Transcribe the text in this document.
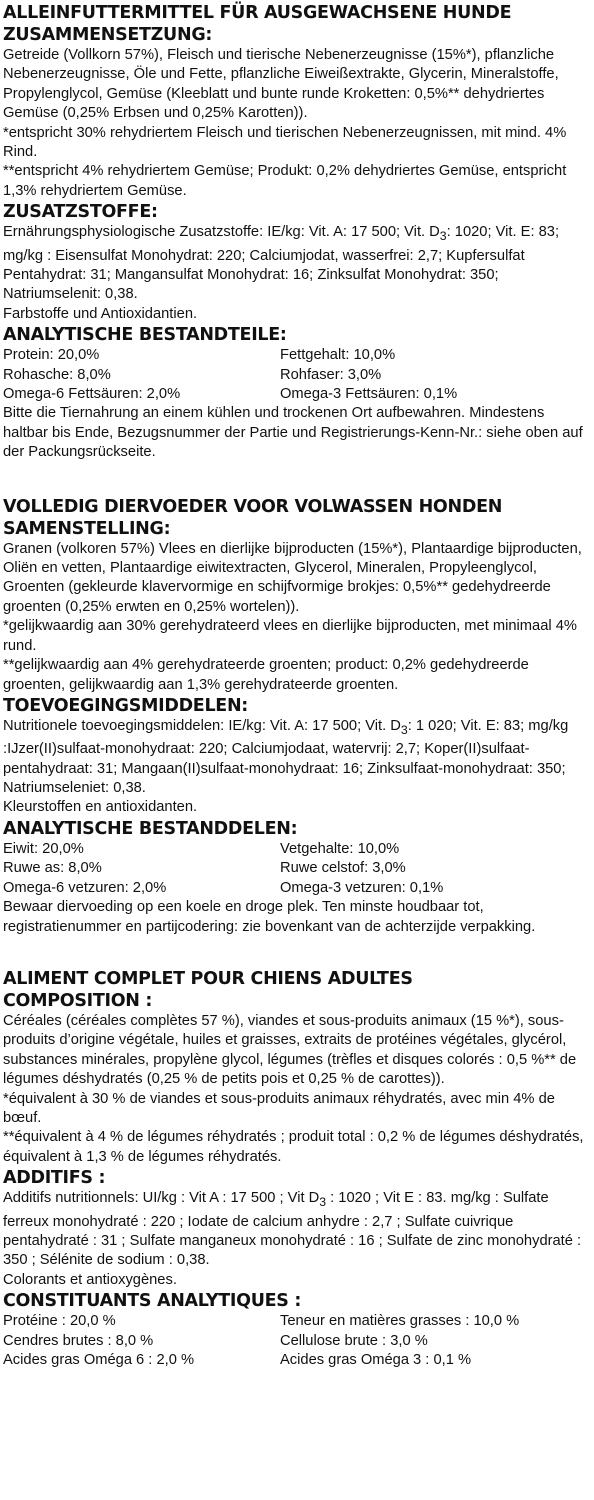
ALLEINFUTTERMITTEL FÜR AUSGEWACHSENE HUNDE
ZUSAMMENSETZUNG:

Getreide (Vollkorn 57%), Fleisch und tierische Nebenerzeugnisse (15%*), pflanzliche Nebenerzeugnisse, Öle und Fette, pflanzliche Eiweißextrakte, Glycerin, Mineralstoffe, Propylenglycol, Gemüse (Kleeblatt und bunte runde Kroketten: 0,5%** dehydriertes Gemüse (0,25% Erbsen und 0,25% Karotten)).

*entspricht 30% rehydriertem Fleisch und tierischen Nebenerzeugnissen, mit mind. 4% Rind.

**entspricht 4% rehydriertem Gemüse; Produkt: 0,2% dehydriertes Gemüse, entspricht 1,3% rehydriertem Gemüse.

ZUSATZSTOFFE:

Ernährungsphysiologische Zusatzstoffe: IE/kg: Vit. A: 17 500; Vit. $D_3$: 1020; Vit. E: 83; mg/kg : Eisensulfat Monohydrat: 220; Calciumjodat, wasserfrei: 2,7; Kupfersulfat Pentahydrat: 31; Mangansulfat Monohydrat: 16; Zinksulfat Monohydrat: 350; Natriumselenit: 0,38.

Farbstoffe und Antioxidantien.

ANALYTISCHE BESTANDTEILE:
Protein: 20,0%	Fettgehalt: 10,0%
Rohasche: 8,0%	Rohfaser: 3,0%
Omega-6 Fettsäuren: 2,0%	Omega-3 Fettsäuren: 0,1%

Bitte die Tiernahrung an einem kühlen und trockenen Ort aufbewahren. Mindestens haltbar bis Ende, Bezugsnummer der Partie und Registrierungs-Kenn-Nr.: siehe oben auf der Packungsrückseite.

VOLLEDIG DIERVOEDER VOOR VOLWASSEN HONDEN
SAMENSTELLING:

Granen (volkoren 57%) Vlees en dierlijke bijproducten (15%*), Plantaardige bijproducten, Oliën en vetten, Plantaardige eiwitextracten, Glycerol, Mineralen, Propyleenglycol, Groenten (gekleurde klavervormige en schijfvormige brokjes: 0,5%** gedehydreerde groenten (0,25% erwten en 0,25% wortelen)).

*gelijkwaardig aan 30% gerehydrateerd vlees en dierlijke bijproducten, met minimaal 4% rund.

**gelijkwaardig aan 4% gerehydrateerde groenten; product: 0,2% gedehydreerde groenten, gelijkwaardig aan 1,3% gerehydrateerde groenten.

TOEVOEGINGSMIDDELEN:

Nutritionele toevoegingsmiddelen: IE/kg: Vit. A: 17 500; Vit. $D_3$: 1 020; Vit. E: 83; mg/kg :IJzer(II)sulfaat-monohydraat: 220; Calciumjodaat, watervrij: 2,7; Koper(II)sulfaat-pentahydraat: 31; Mangaan(II)sulfaat-monohydraat: 16; Zinksulfaat-monohydraat: 350; Natriumseleniet: 0,38.

Kleurstoffen en antioxidanten.

ANALYTISCHE BESTANDDELEN:
Eiwit: 20,0%	Vetgehalte: 10,0%
Ruwe as: 8,0%	Ruwe celstof: 3,0%
Omega-6 vetzuren: 2,0%	Omega-3 vetzuren: 0,1%

Bewaar diervoeding op een koele en droge plek. Ten minste houdbaar tot, registratienummer en partijcodering: zie bovenkant van de achterzijde verpakking.

ALIMENT COMPLET POUR CHIENS ADULTES
COMPOSITION :

Céréales (céréales complètes 57 %), viandes et sous-produits animaux (15 %*), sous-produits d’origine végétale, huiles et graisses, extraits de protéines végétales, glycérol, substances minérales, propylène glycol, légumes (trèfles et disques colorés : 0,5 %** de légumes déshydratés (0,25 % de petits pois et 0,25 % de carottes)).

*équivalent à 30 % de viandes et sous-produits animaux réhydratés, avec min 4% de bœuf.

**équivalent à 4 % de légumes réhydratés ; produit total : 0,2 % de légumes déshydratés, équivalent à 1,3 % de légumes réhydratés.

ADDITIFS :

Additifs nutritionnels: UI/kg : Vit A : 17 500 ; Vit $D_3$ : 1020 ; Vit E : 83. mg/kg : Sulfate ferreux monohydraté : 220 ; Iodate de calcium anhydre : 2,7 ; Sulfate cuivrique pentahydraté : 31 ; Sulfate manganeux monohydraté : 16 ; Sulfate de zinc monohydraté : 350 ; Sélénite de sodium : 0,38.

Colorants et antioxygènes.

CONSTITUANTS ANALYTIQUES :
Protéine : 20,0 %	Teneur en matières grasses : 10,0 %
Cendres brutes : 8,0 %	Cellulose brute : 3,0 %
Acides gras Oméga 6 : 2,0 %	Acides gras Oméga 3 : 0,1 %
